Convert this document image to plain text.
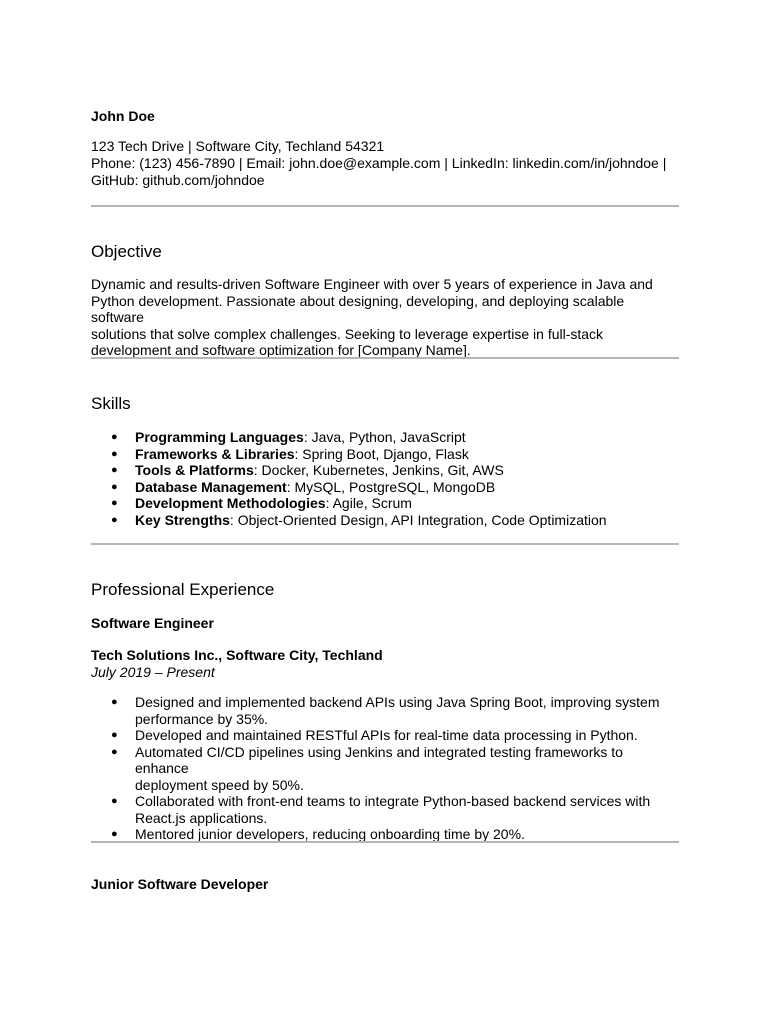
John Doe
123 Tech Drive | Software City, Techland 54321
Phone: (123) 456-7890 | Email: john.doe@example.com | LinkedIn: linkedin.com/in/johndoe |
GitHub: github.com/johndoe
Objective
Dynamic and results-driven Software Engineer with over 5 years of experience in Java and
Python development. Passionate about designing, developing, and deploying scalable software
solutions that solve complex challenges. Seeking to leverage expertise in full-stack
development and software optimization for [Company Name].
Skills
● Programming Languages: Java, Python, JavaScript
● Frameworks & Libraries: Spring Boot, Django, Flask
● Tools & Platforms: Docker, Kubernetes, Jenkins, Git, AWS
● Database Management: MySQL, PostgreSQL, MongoDB
● Development Methodologies: Agile, Scrum
● Key Strengths: Object-Oriented Design, API Integration, Code Optimization
Professional Experience
Software Engineer
Tech Solutions Inc., Software City, Techland
July 2019 – Present
● Designed and implemented backend APIs using Java Spring Boot, improving system
performance by 35%.
● Developed and maintained RESTful APIs for real-time data processing in Python.
● Automated CI/CD pipelines using Jenkins and integrated testing frameworks to enhance
deployment speed by 50%.
● Collaborated with front-end teams to integrate Python-based backend services with
React.js applications.
● Mentored junior developers, reducing onboarding time by 20%.
Junior Software Developer
